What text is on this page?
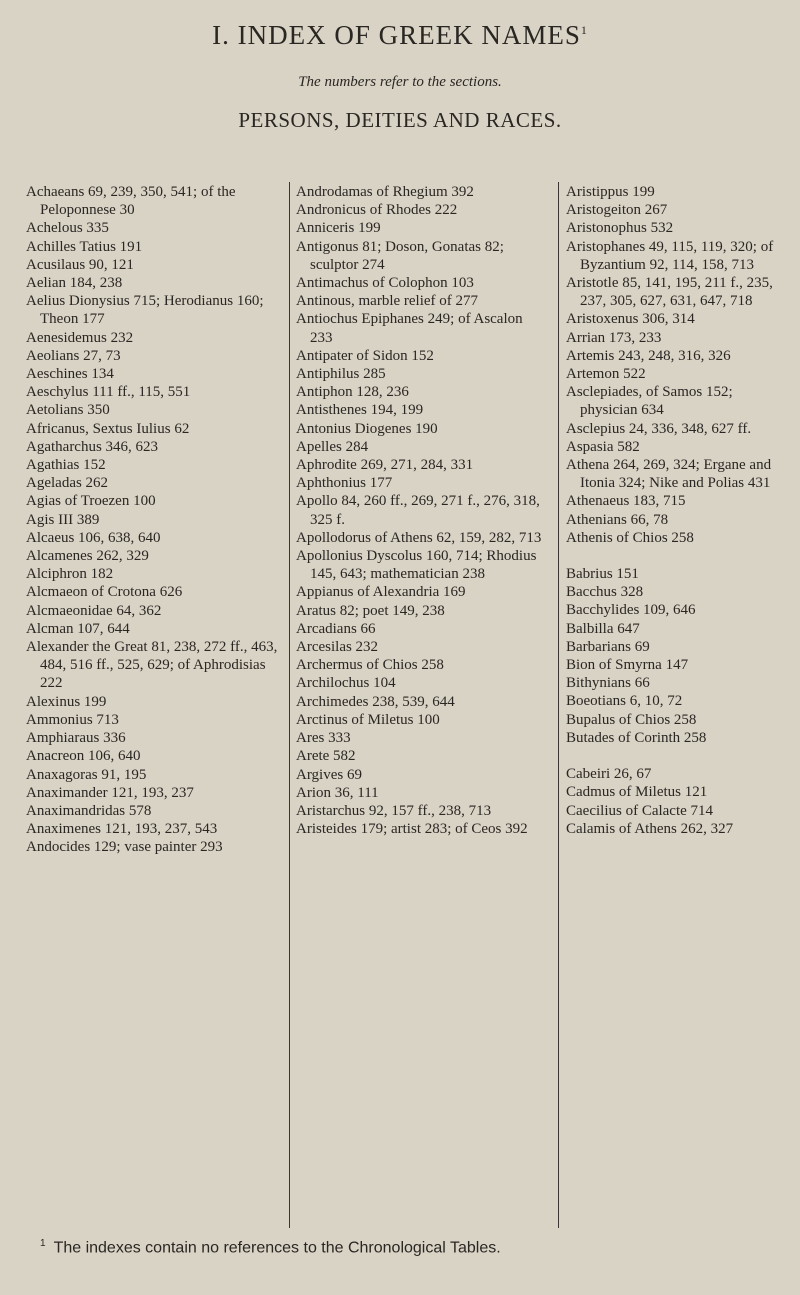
I. INDEX OF GREEK NAMES$^1$
The numbers refer to the sections.
PERSONS, DEITIES AND RACES.
Achaeans 69, 239, 350, 541; of the Peloponnese 30
Achelous 335
Achilles Tatius 191
Acusilaus 90, 121
Aelian 184, 238
Aelius Dionysius 715; Herodianus 160; Theon 177
Aenesidemus 232
Aeolians 27, 73
Aeschines 134
Aeschylus 111 ff., 115, 551
Aetolians 350
Africanus, Sextus Iulius 62
Agatharchus 346, 623
Agathias 152
Ageladas 262
Agias of Troezen 100
Agis III 389
Alcaeus 106, 638, 640
Alcamenes 262, 329
Alciphron 182
Alcmaeon of Crotona 626
Alcmaeonidae 64, 362
Alcman 107, 644
Alexander the Great 81, 238, 272 ff., 463, 484, 516 ff., 525, 629; of Aphrodisias 222
Alexinus 199
Ammonius 713
Amphiaraus 336
Anacreon 106, 640
Anaxagoras 91, 195
Anaximander 121, 193, 237
Anaximandridas 578
Anaximenes 121, 193, 237, 543
Andocides 129; vase painter 293
Androdamas of Rhegium 392
Andronicus of Rhodes 222
Anniceris 199
Antigonus 81; Doson, Gonatas 82; sculptor 274
Antimachus of Colophon 103
Antinous, marble relief of 277
Antiochus Epiphanes 249; of Ascalon 233
Antipater of Sidon 152
Antiphilus 285
Antiphon 128, 236
Antisthenes 194, 199
Antonius Diogenes 190
Apelles 284
Aphrodite 269, 271, 284, 331
Aphthonius 177
Apollo 84, 260 ff., 269, 271 f., 276, 318, 325 f.
Apollodorus of Athens 62, 159, 282, 713
Apollonius Dyscolus 160, 714; Rhodius 145, 643; mathematician 238
Appianus of Alexandria 169
Aratus 82; poet 149, 238
Arcadians 66
Arcesilas 232
Archermus of Chios 258
Archilochus 104
Archimedes 238, 539, 644
Arctinus of Miletus 100
Ares 333
Arete 582
Argives 69
Arion 36, 111
Aristarchus 92, 157 ff., 238, 713
Aristeides 179; artist 283; of Ceos 392
Aristippus 199
Aristogeiton 267
Aristonophus 532
Aristophanes 49, 115, 119, 320; of Byzantium 92, 114, 158, 713
Aristotle 85, 141, 195, 211 f., 235, 237, 305, 627, 631, 647, 718
Aristoxenus 306, 314
Arrian 173, 233
Artemis 243, 248, 316, 326
Artemon 522
Asclepiades, of Samos 152; physician 634
Asclepius 24, 336, 348, 627 ff.
Aspasia 582
Athena 264, 269, 324; Ergane and Itonia 324; Nike and Polias 431
Athenaeus 183, 715
Athenians 66, 78
Athenis of Chios 258
Babrius 151
Bacchus 328
Bacchylides 109, 646
Balbilla 647
Barbarians 69
Bion of Smyrna 147
Bithynians 66
Boeotians 6, 10, 72
Bupalus of Chios 258
Butades of Corinth 258
Cabeiri 26, 67
Cadmus of Miletus 121
Caecilius of Calacte 714
Calamis of Athens 262, 327
$^1$ The indexes contain no references to the Chronological Tables.
